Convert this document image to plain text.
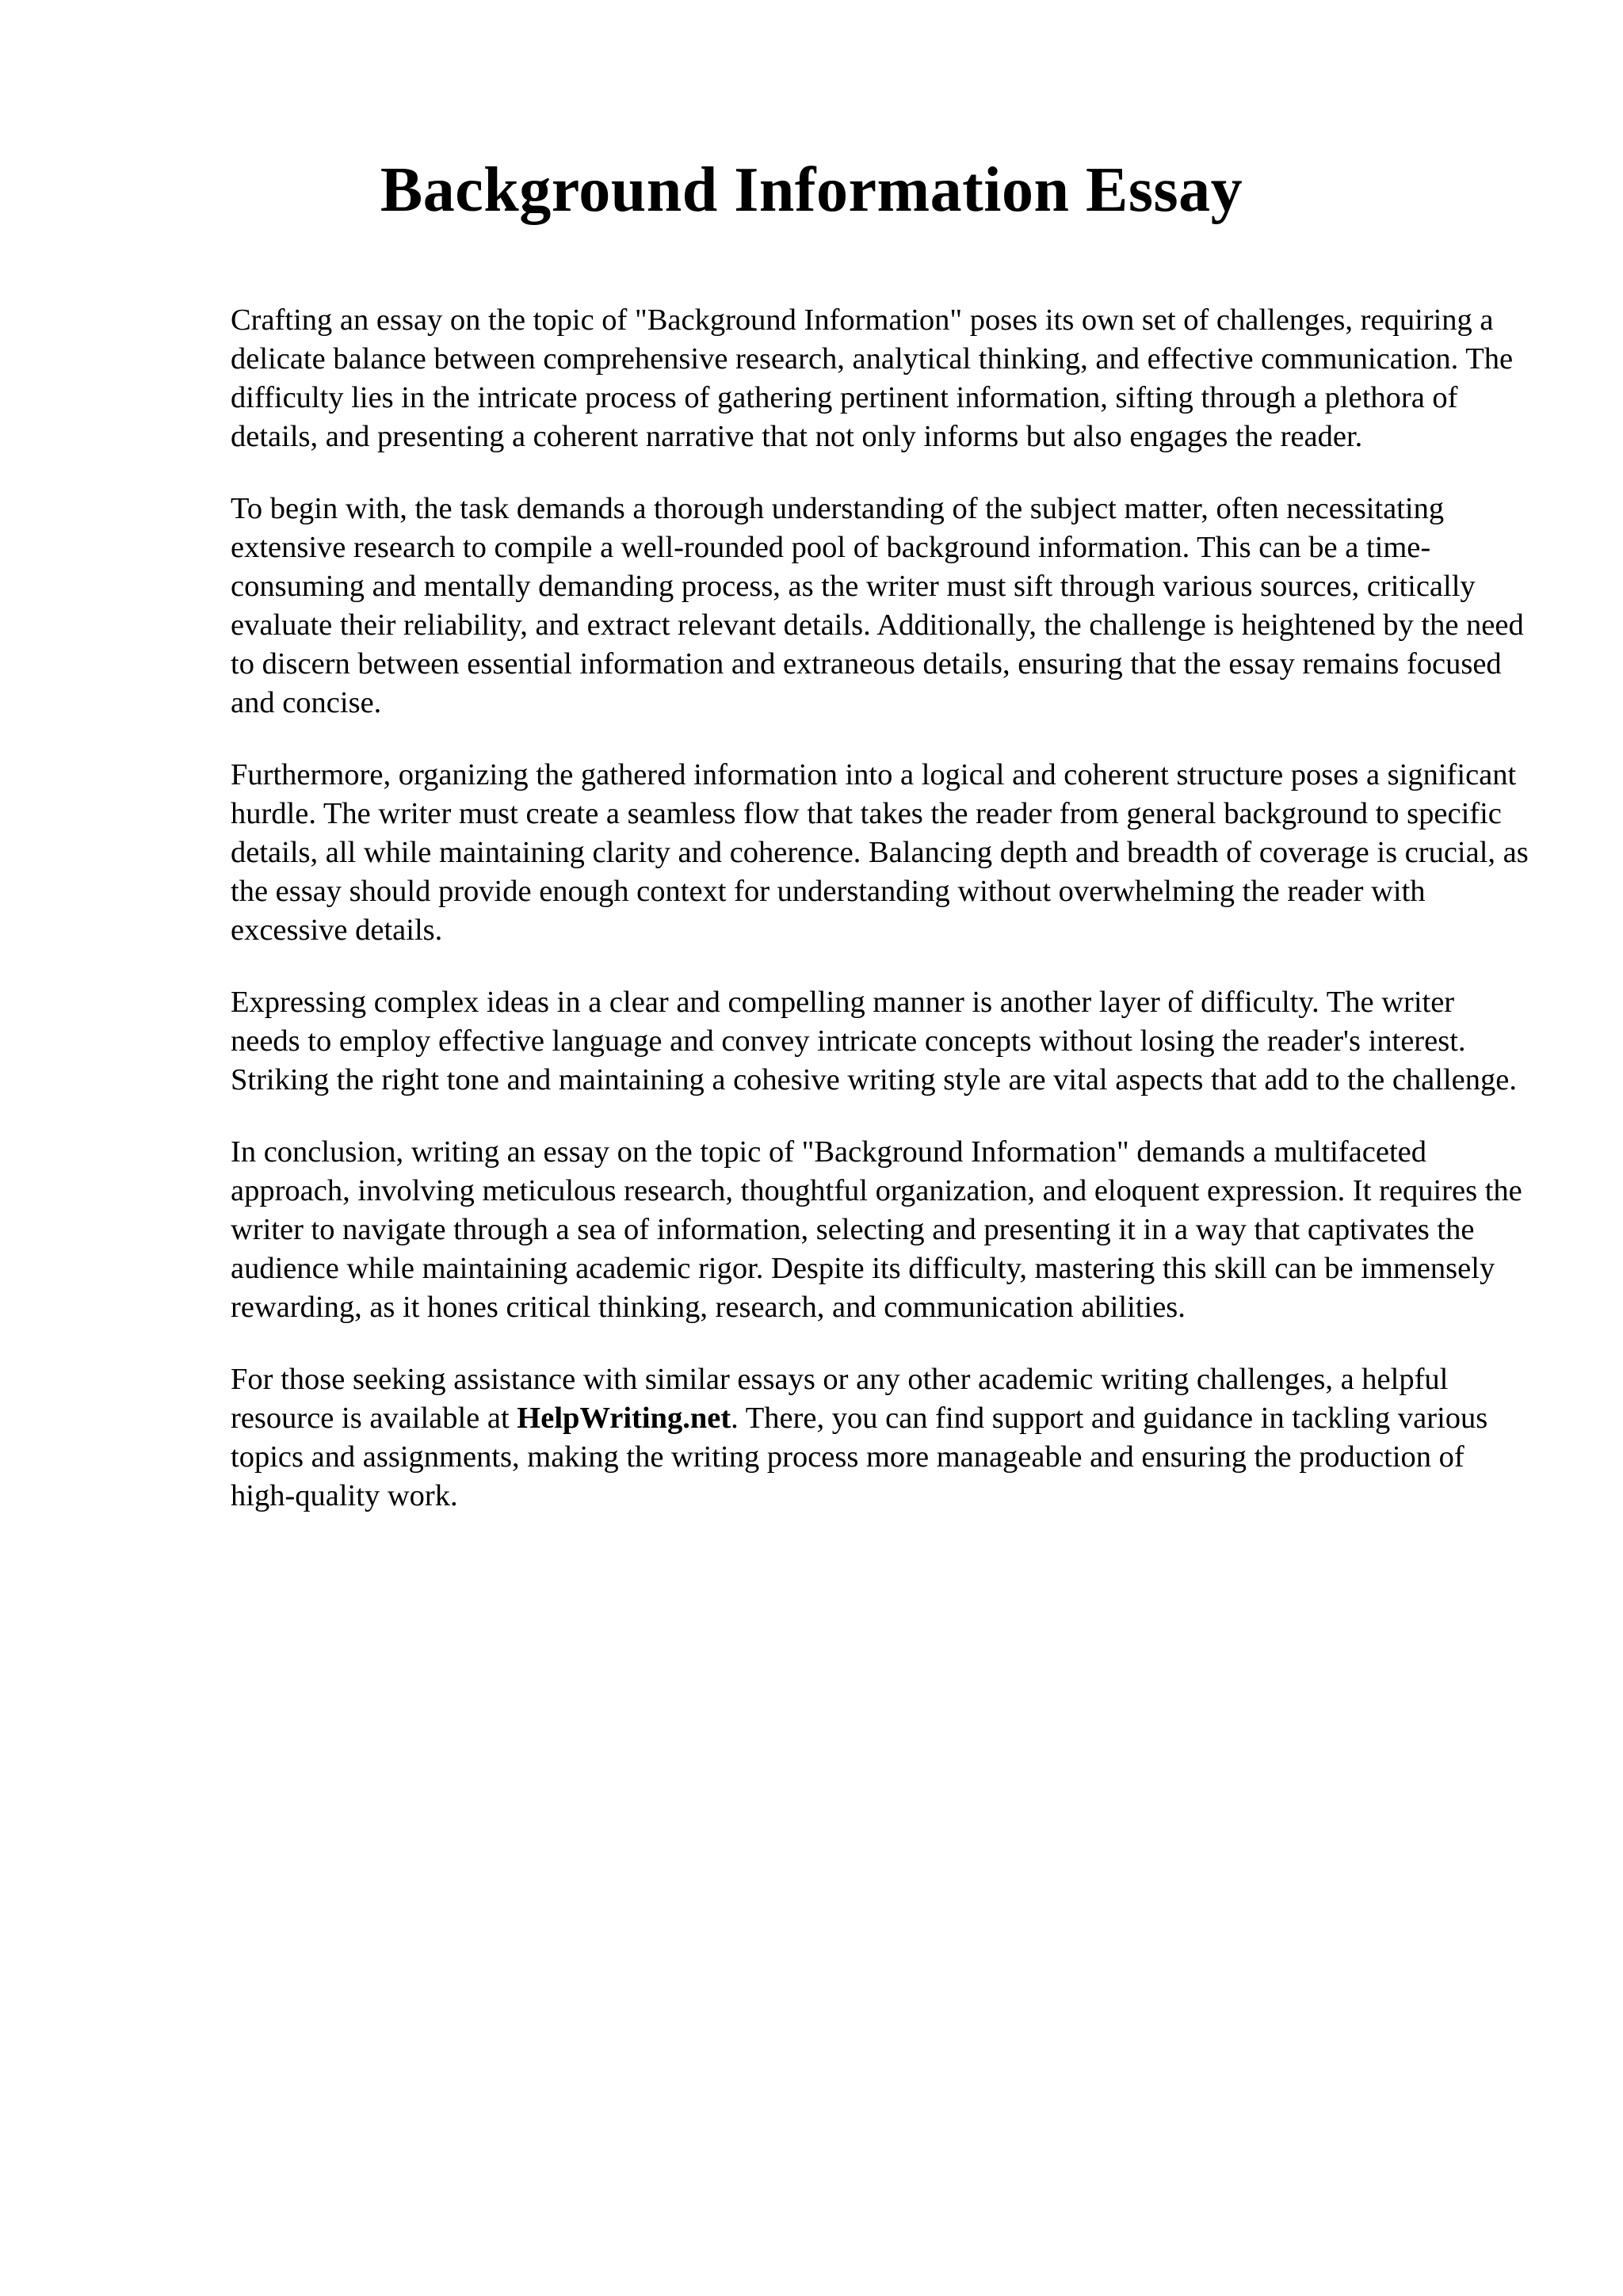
Background Information Essay

Crafting an essay on the topic of "Background Information" poses its own set of challenges, requiring a delicate balance between comprehensive research, analytical thinking, and effective communication. The difficulty lies in the intricate process of gathering pertinent information, sifting through a plethora of details, and presenting a coherent narrative that not only informs but also engages the reader.

To begin with, the task demands a thorough understanding of the subject matter, often necessitating extensive research to compile a well-rounded pool of background information. This can be a time-consuming and mentally demanding process, as the writer must sift through various sources, critically evaluate their reliability, and extract relevant details. Additionally, the challenge is heightened by the need to discern between essential information and extraneous details, ensuring that the essay remains focused and concise.

Furthermore, organizing the gathered information into a logical and coherent structure poses a significant hurdle. The writer must create a seamless flow that takes the reader from general background to specific details, all while maintaining clarity and coherence. Balancing depth and breadth of coverage is crucial, as the essay should provide enough context for understanding without overwhelming the reader with excessive details.

Expressing complex ideas in a clear and compelling manner is another layer of difficulty. The writer needs to employ effective language and convey intricate concepts without losing the reader's interest. Striking the right tone and maintaining a cohesive writing style are vital aspects that add to the challenge.

In conclusion, writing an essay on the topic of "Background Information" demands a multifaceted approach, involving meticulous research, thoughtful organization, and eloquent expression. It requires the writer to navigate through a sea of information, selecting and presenting it in a way that captivates the audience while maintaining academic rigor. Despite its difficulty, mastering this skill can be immensely rewarding, as it hones critical thinking, research, and communication abilities.

For those seeking assistance with similar essays or any other academic writing challenges, a helpful resource is available at HelpWriting.net. There, you can find support and guidance in tackling various topics and assignments, making the writing process more manageable and ensuring the production of high-quality work.
